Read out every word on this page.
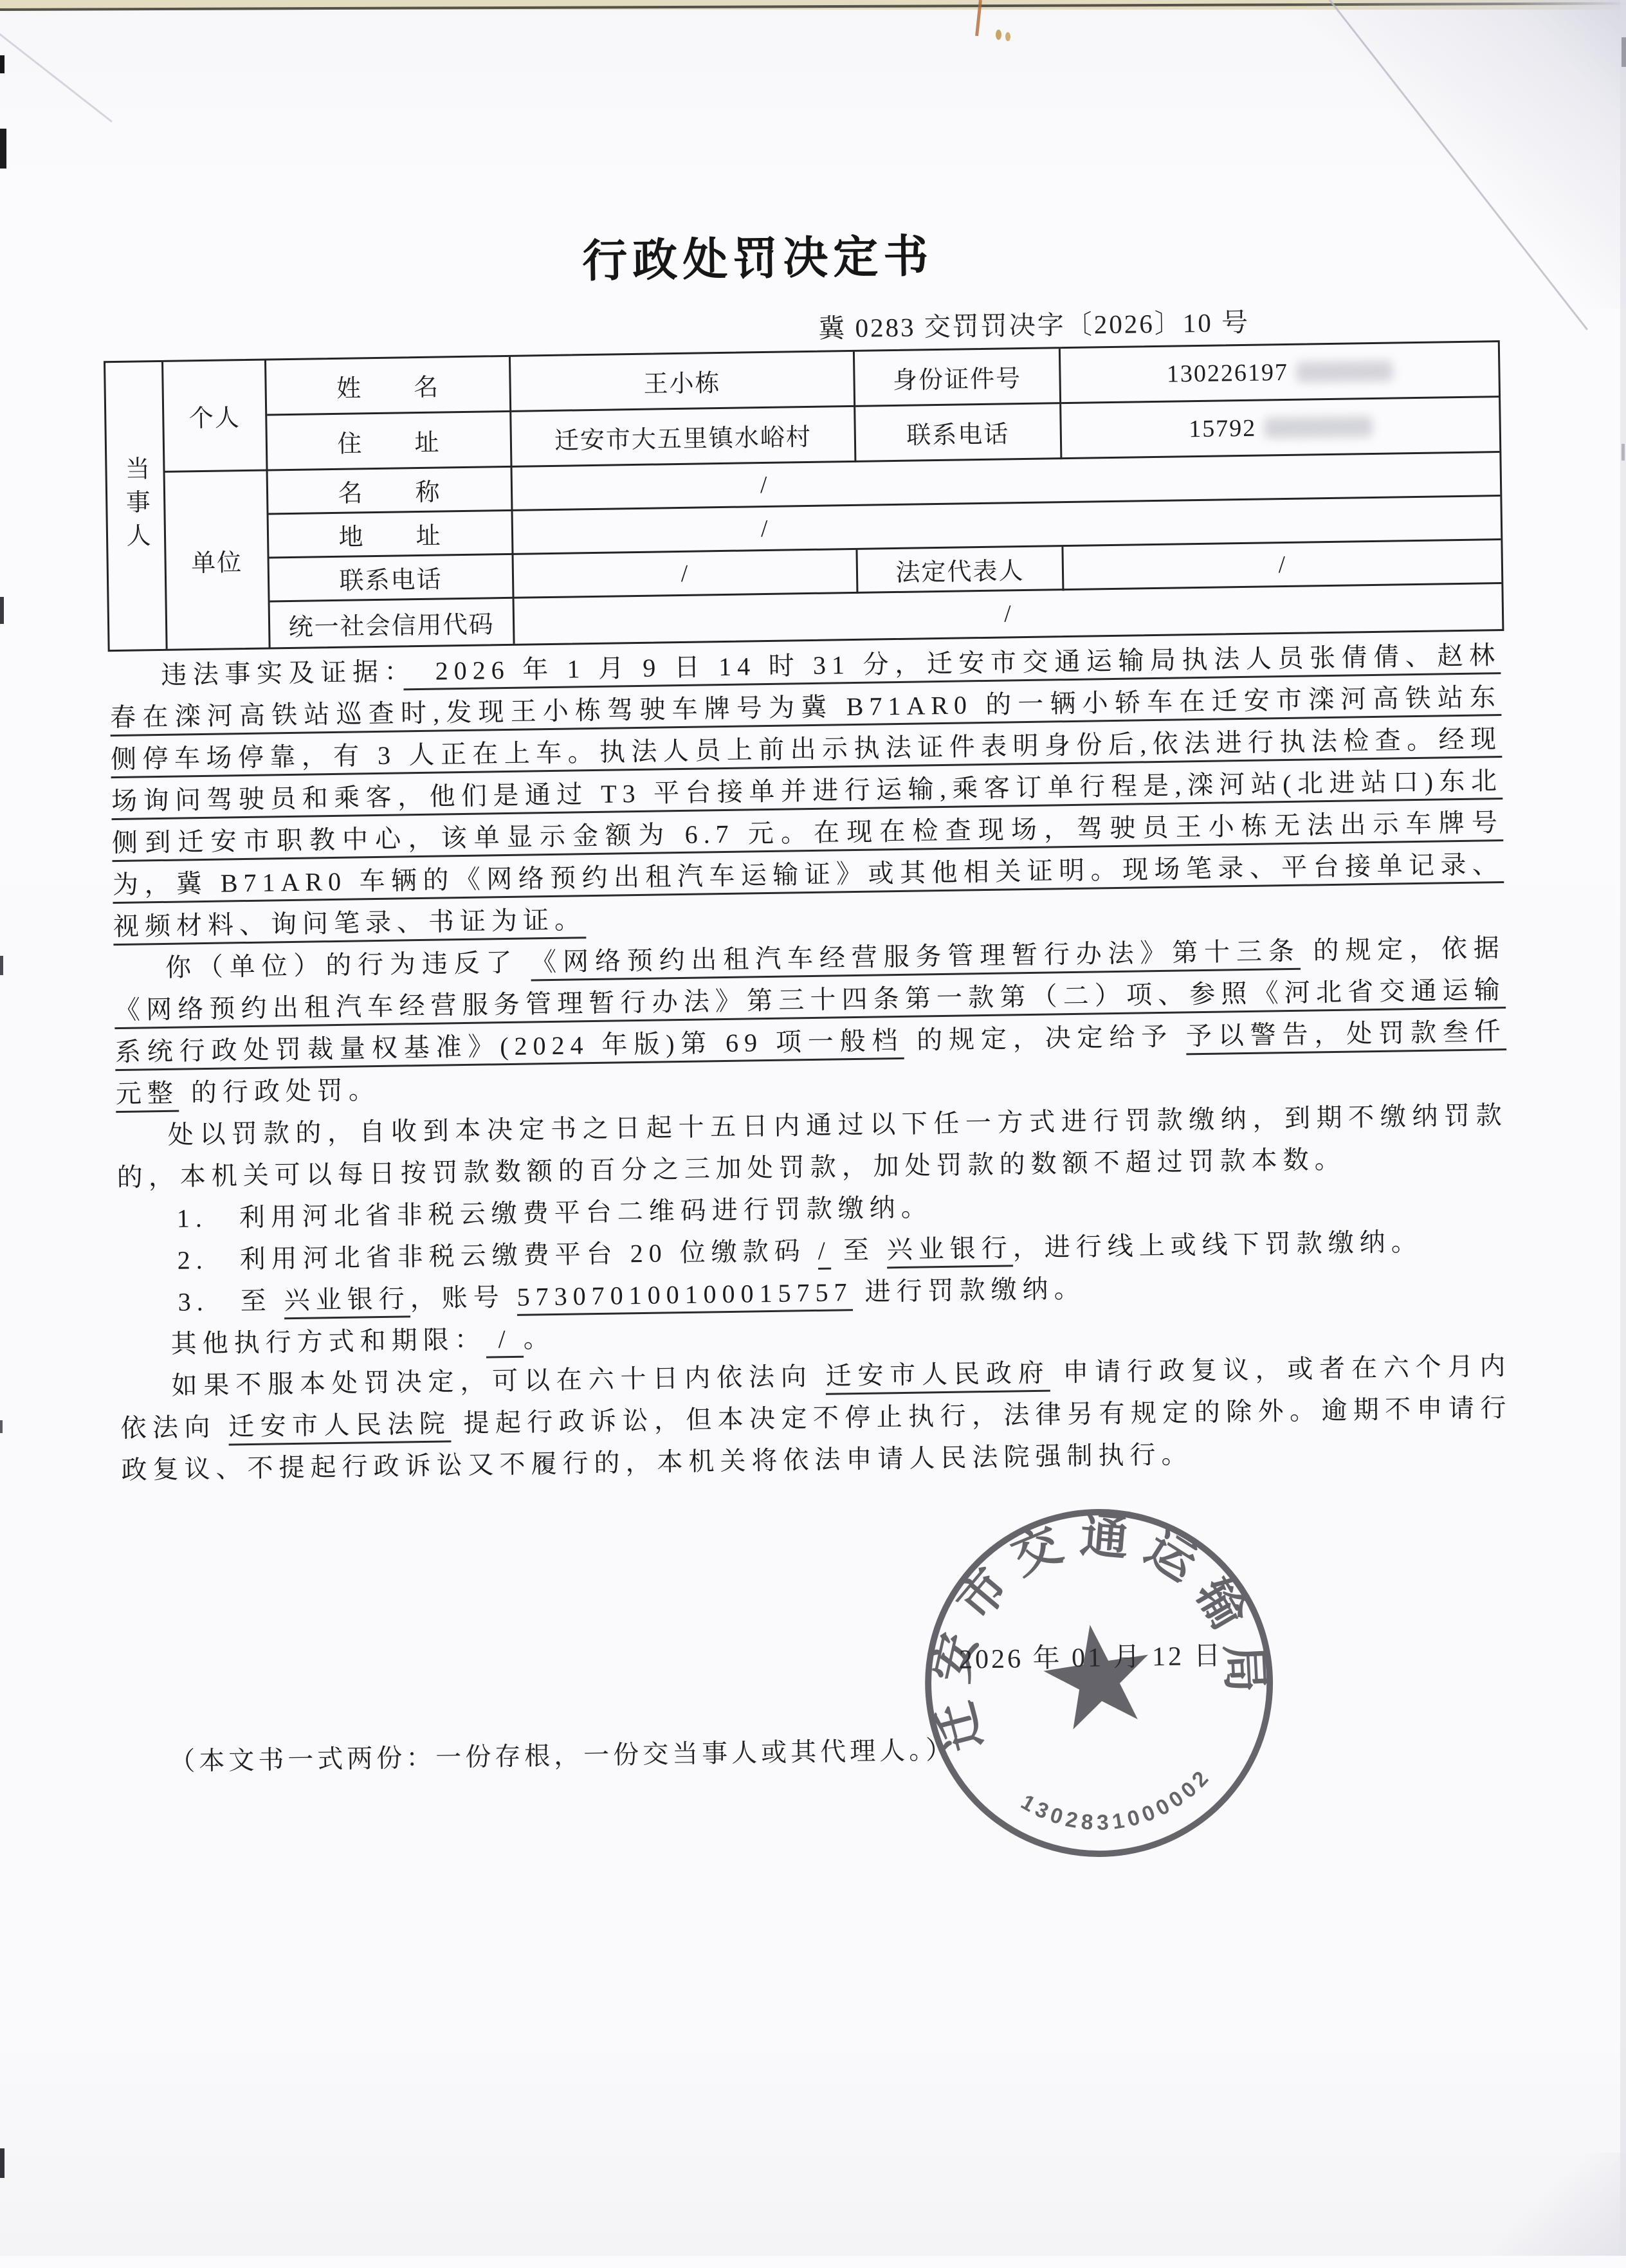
行政处罚决定书
冀 0283 交罚罚决字〔2026〕10 号
当事人
个人
姓　　名	王小栋	身份证件号	130226197
住　　址	迁安市大五里镇水峪村	联系电话	15792
单位
名　　称	/
地　　址	/
联系电话	/	法定代表人	/
统一社会信用代码	/

违法事实及证据：　2026 年 1 月 9 日 14 时 31 分，迁安市交通运输局执法人员张倩倩、赵林春在滦河高铁站巡查时,发现王小栋驾驶车牌号为冀 B71AR0 的一辆小轿车在迁安市滦河高铁站东侧停车场停靠，有 3 人正在上车。执法人员上前出示执法证件表明身份后,依法进行执法检查。经现场询问驾驶员和乘客，他们是通过 T3 平台接单并进行运输,乘客订单行程是,滦河站(北进站口)东北侧到迁安市职教中心，该单显示金额为 6.7 元。在现在检查现场，驾驶员王小栋无法出示车牌号为，冀 B71AR0 车辆的《网络预约出租汽车运输证》或其他相关证明。现场笔录、平台接单记录、视频材料、询问笔录、书证为证。

你（单位）的行为违反了 《网络预约出租汽车经营服务管理暂行办法》第十三条 的规定，依据《网络预约出租汽车经营服务管理暂行办法》第三十四条第一款第（二）项、参照《河北省交通运输系统行政处罚裁量权基准》(2024 年版)第 69 项一般档 的规定，决定给予 予以警告，处罚款叁仟元整 的行政处罚。

处以罚款的，自收到本决定书之日起十五日内通过以下任一方式进行罚款缴纳，到期不缴纳罚款的，本机关可以每日按罚款数额的百分之三加处罚款，加处罚款的数额不超过罚款本数。

1.　利用河北省非税云缴费平台二维码进行罚款缴纳。

2.　利用河北省非税云缴费平台 20 位缴款码 / 至 兴业银行，进行线上或线下罚款缴纳。

3.　至 兴业银行，账号 573070100100015757 进行罚款缴纳。

其他执行方式和期限： / 。

如果不服本处罚决定，可以在六十日内依法向 迁安市人民政府 申请行政复议，或者在六个月内依法向 迁安市人民法院 提起行政诉讼，但本决定不停止执行，法律另有规定的除外。逾期不申请行政复议、不提起行政诉讼又不履行的，本机关将依法申请人民法院强制执行。

迁安市交通运输局
1302831000002
2026 年 01 月 12 日
（本文书一式两份：一份存根，一份交当事人或其代理人。）
